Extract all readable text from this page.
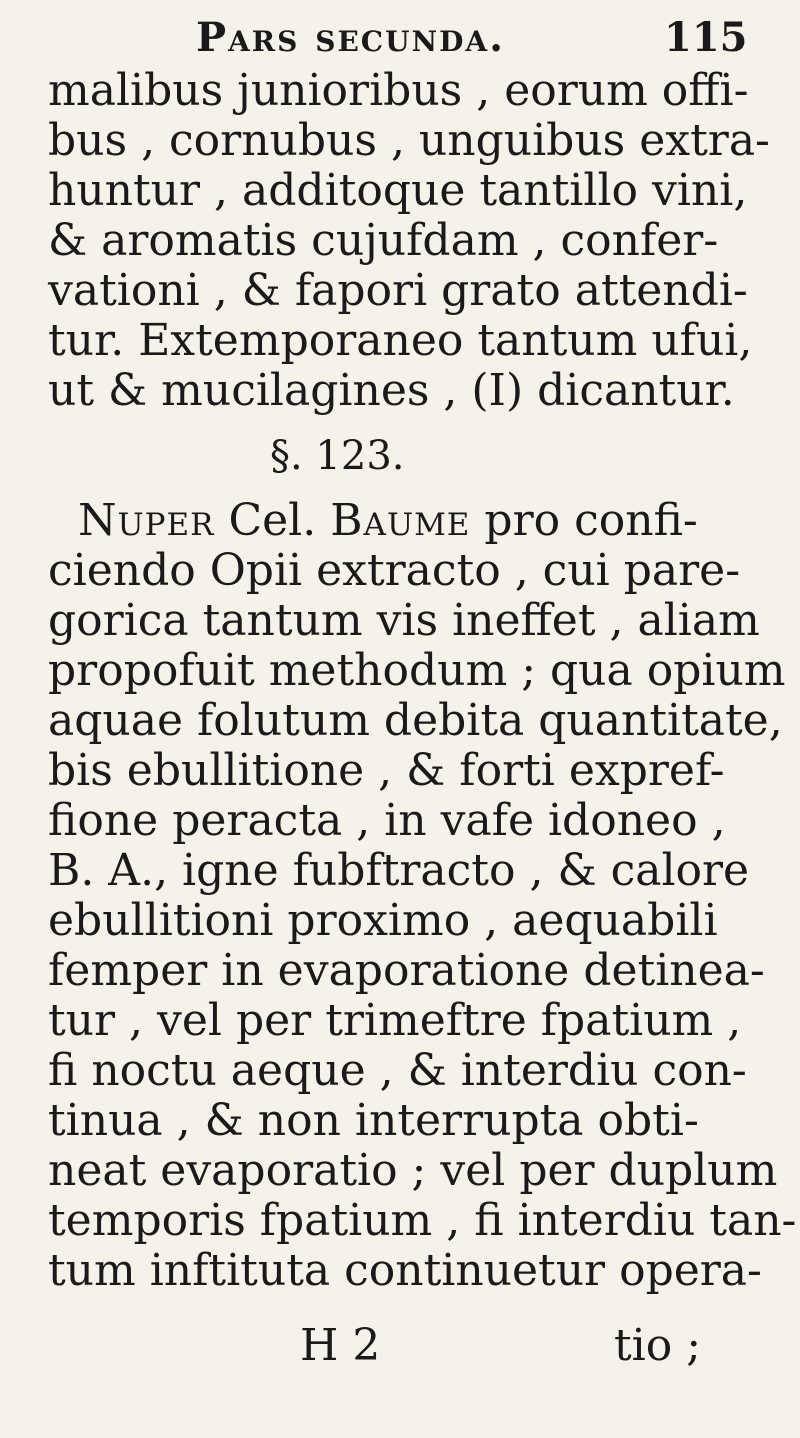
Pars secunda.	115
malibus junioribus , eorum offi-
bus , cornubus , unguibus extra-
huntur , additoque tantillo vini,
& aromatis cujufdam , confer-
vationi , & fapori grato attendi-
tur. Extemporaneo tantum ufui,
ut & mucilagines , (I) dicantur.
§. 123.
Nuper Cel. Baume pro confi-
ciendo Opii extracto , cui pare-
gorica tantum vis ineffet , aliam
propofuit methodum ; qua opium
aquae folutum debita quantitate,
bis ebullitione , & forti expref-
fione peracta , in vafe idoneo ,
B. A., igne fubftracto , & calore
ebullitioni proximo , aequabili
femper in evaporatione detinea-
tur , vel per trimeftre fpatium ,
fi noctu aeque , & interdiu con-
tinua , & non interrupta obti-
neat evaporatio ; vel per duplum
temporis fpatium , fi interdiu tan-
tum inftituta continuetur opera-
H 2	tio ;
